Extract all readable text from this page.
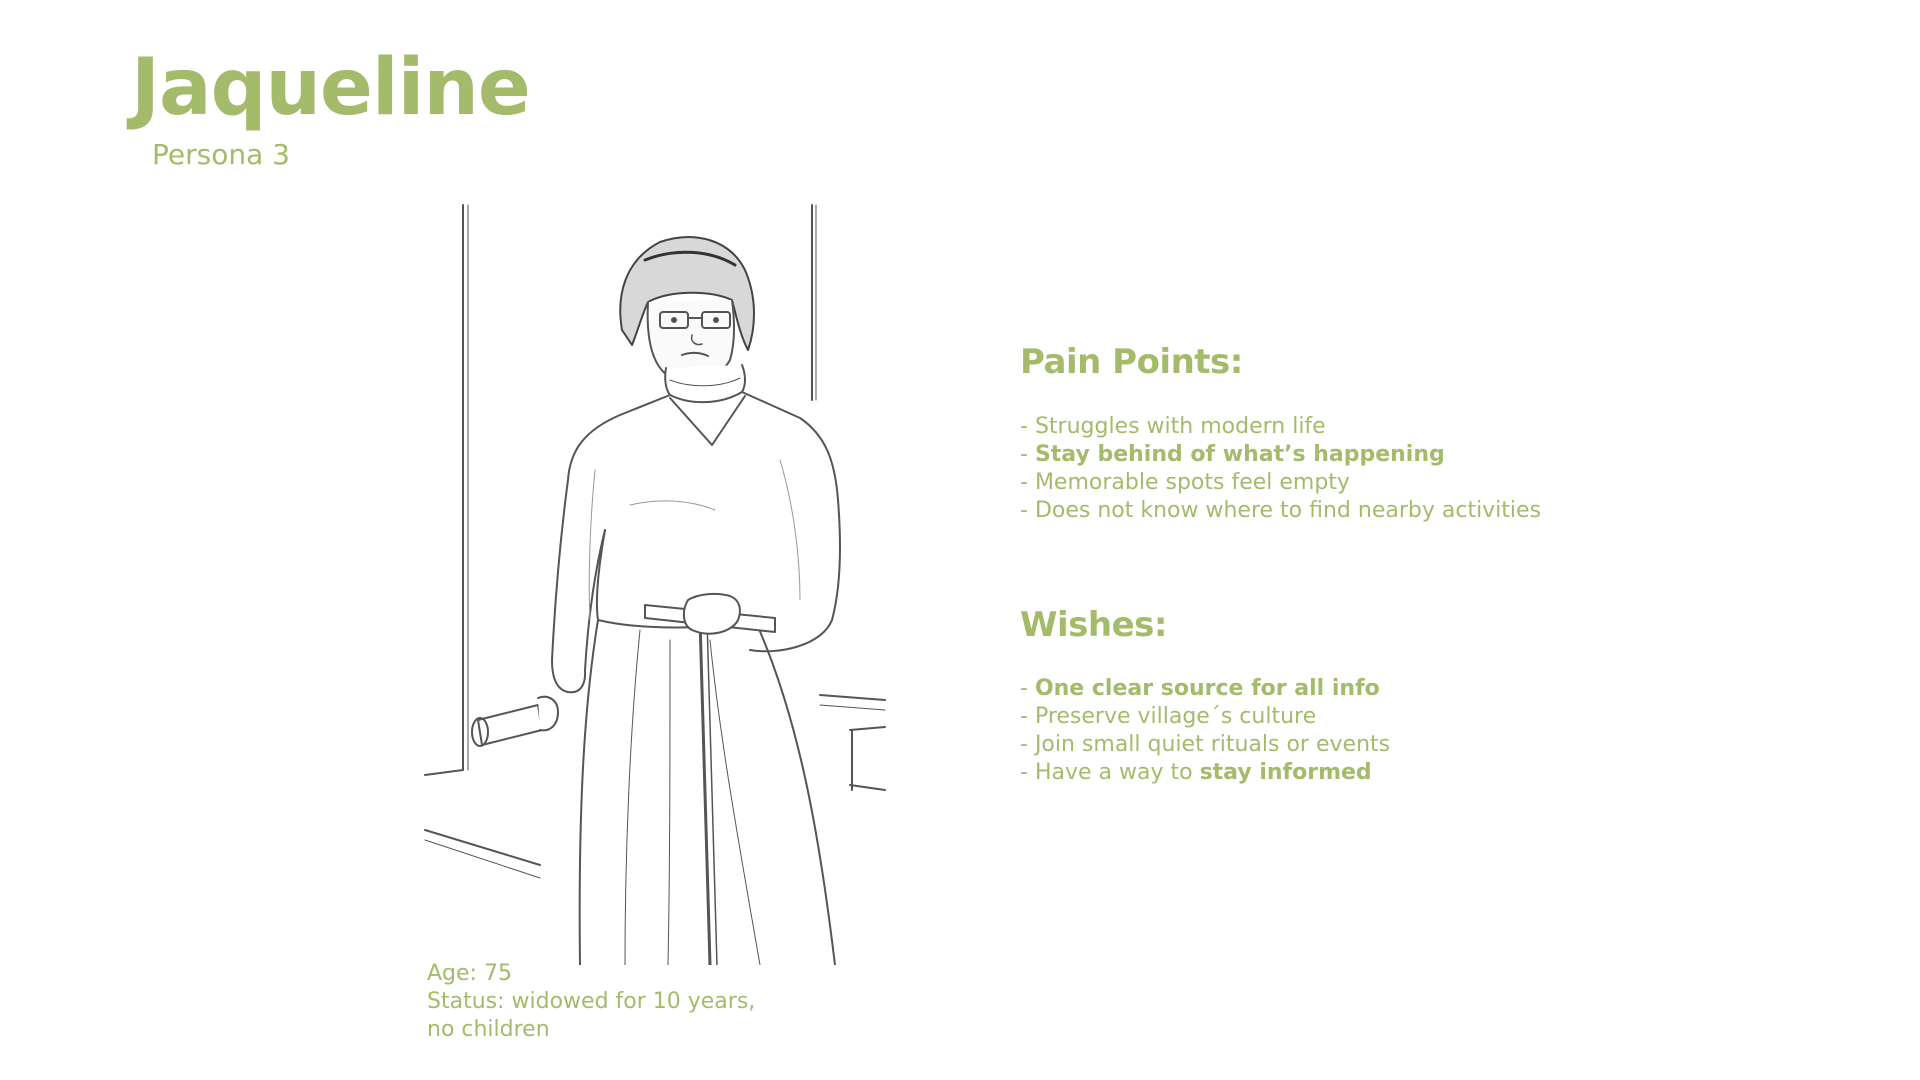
Jaqueline
Persona 3
Age: 75
Status: widowed for 10 years,
no children
Pain Points:
- Struggles with modern life
- Stay behind of what’s happening
- Memorable spots feel empty
- Does not know where to find nearby activities
Wishes:
- One clear source for all info
- Preserve village´s culture
- Join small quiet rituals or events
- Have a way to stay informed
